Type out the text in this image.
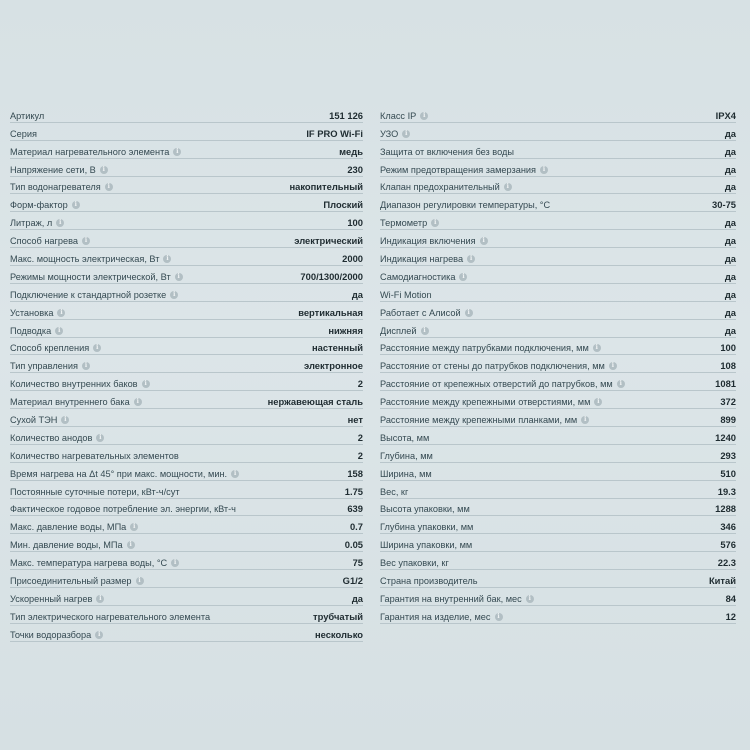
Артикул	151 126
Серия	IF PRO Wi-Fi
Материал нагревательного элемента i	медь
Напряжение сети, В i	230
Тип водонагревателя i	накопительный
Форм-фактор i	Плоский
Литраж, л i	100
Способ нагрева i	электрический
Макс. мощность электрическая, Вт i	2000
Режимы мощности электрической, Вт i	700/1300/2000
Подключение к стандартной розетке i	да
Установка i	вертикальная
Подводка i	нижняя
Способ крепления i	настенный
Тип управления i	электронное
Количество внутренних баков i	2
Материал внутреннего бака i	нержавеющая сталь
Сухой ТЭН i	нет
Количество анодов i	2
Количество нагревательных элементов	2
Время нагрева на Δt 45° при макс. мощности, мин. i	158
Постоянные суточные потери, кВт-ч/сут	1.75
Фактическое годовое потребление эл. энергии, кВт-ч	639
Макс. давление воды, МПа i	0.7
Мин. давление воды, МПа i	0.05
Макс. температура нагрева воды, °С i	75
Присоединительный размер i	G1/2
Ускоренный нагрев i	да
Тип электрического нагревательного элемента	трубчатый
Точки водоразбора i	несколько
Класс IP i	IPX4
УЗО i	да
Защита от включения без воды	да
Режим предотвращения замерзания i	да
Клапан предохранительный i	да
Диапазон регулировки температуры, °С	30-75
Термометр i	да
Индикация включения i	да
Индикация нагрева i	да
Самодиагностика i	да
Wi-Fi Motion	да
Работает с Алисой i	да
Дисплей i	да
Расстояние между патрубками подключения, мм i	100
Расстояние от стены до патрубков подключения, мм i	108
Расстояние от крепежных отверстий до патрубков, мм i	1081
Расстояние между крепежными отверстиями, мм i	372
Расстояние между крепежными планками, мм i	899
Высота, мм	1240
Глубина, мм	293
Ширина, мм	510
Вес, кг	19.3
Высота упаковки, мм	1288
Глубина упаковки, мм	346
Ширина упаковки, мм	576
Вес упаковки, кг	22.3
Страна производитель	Китай
Гарантия на внутренний бак, мес i	84
Гарантия на изделие, мес i	12
